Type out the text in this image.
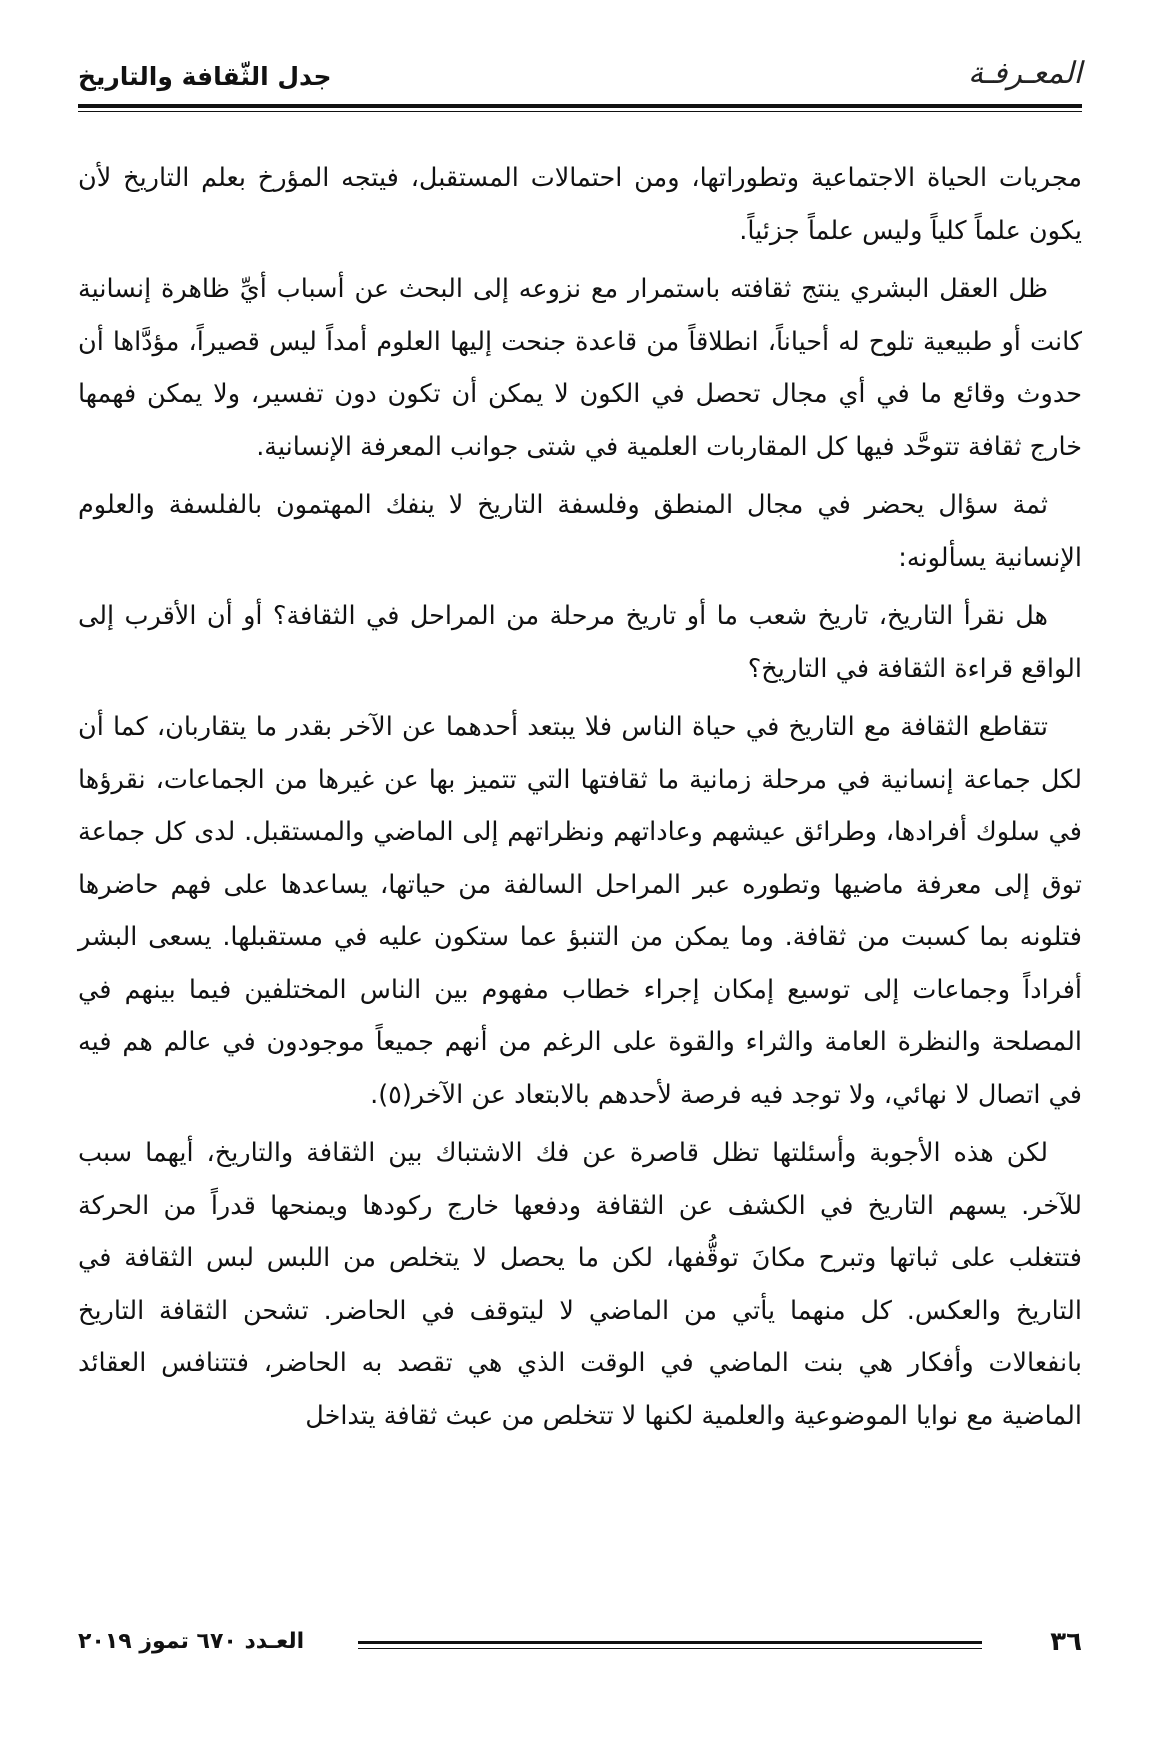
المعـرفـة
جدل الثّقافة والتاريخ

مجريات الحياة الاجتماعية وتطوراتها، ومن احتمالات المستقبل، فيتجه المؤرخ بعلم التاريخ لأن يكون علماً كلياً وليس علماً جزئياً.

ظل العقل البشري ينتج ثقافته باستمرار مع نزوعه إلى البحث عن أسباب أيِّ ظاهرة إنسانية كانت أو طبيعية تلوح له أحياناً، انطلاقاً من قاعدة جنحت إليها العلوم أمداً ليس قصيراً، مؤدَّاها أن حدوث وقائع ما في أي مجال تحصل في الكون لا يمكن أن تكون دون تفسير، ولا يمكن فهمها خارج ثقافة تتوحَّد فيها كل المقاربات العلمية في شتى جوانب المعرفة الإنسانية.

ثمة سؤال يحضر في مجال المنطق وفلسفة التاريخ لا ينفك المهتمون بالفلسفة والعلوم الإنسانية يسألونه:

هل نقرأ التاريخ، تاريخ شعب ما أو تاريخ مرحلة من المراحل في الثقافة؟ أو أن الأقرب إلى الواقع قراءة الثقافة في التاريخ؟

تتقاطع الثقافة مع التاريخ في حياة الناس فلا يبتعد أحدهما عن الآخر بقدر ما يتقاربان، كما أن لكل جماعة إنسانية في مرحلة زمانية ما ثقافتها التي تتميز بها عن غيرها من الجماعات، نقرؤها في سلوك أفرادها، وطرائق عيشهم وعاداتهم ونظراتهم إلى الماضي والمستقبل. لدى كل جماعة توق إلى معرفة ماضيها وتطوره عبر المراحل السالفة من حياتها، يساعدها على فهم حاضرها فتلونه بما كسبت من ثقافة. وما يمكن من التنبؤ عما ستكون عليه في مستقبلها. يسعى البشر أفراداً وجماعات إلى توسيع إمكان إجراء خطاب مفهوم بين الناس المختلفين فيما بينهم في المصلحة والنظرة العامة والثراء والقوة على الرغم من أنهم جميعاً موجودون في عالم هم فيه في اتصال لا نهائي، ولا توجد فيه فرصة لأحدهم بالابتعاد عن الآخر(٥).

لكن هذه الأجوبة وأسئلتها تظل قاصرة عن فك الاشتباك بين الثقافة والتاريخ، أيهما سبب للآخر. يسهم التاريخ في الكشف عن الثقافة ودفعها خارج ركودها ويمنحها قدراً من الحركة فتتغلب على ثباتها وتبرح مكانَ توقُّفها، لكن ما يحصل لا يتخلص من اللبس لبس الثقافة في التاريخ والعكس. كل منهما يأتي من الماضي لا ليتوقف في الحاضر. تشحن الثقافة التاريخ بانفعالات وأفكار هي بنت الماضي في الوقت الذي هي تقصد به الحاضر، فتتنافس العقائد الماضية مع نوايا الموضوعية والعلمية لكنها لا تتخلص من عبث ثقافة يتداخل

٣٦
العـدد ٦٧٠ تموز ٢٠١٩
